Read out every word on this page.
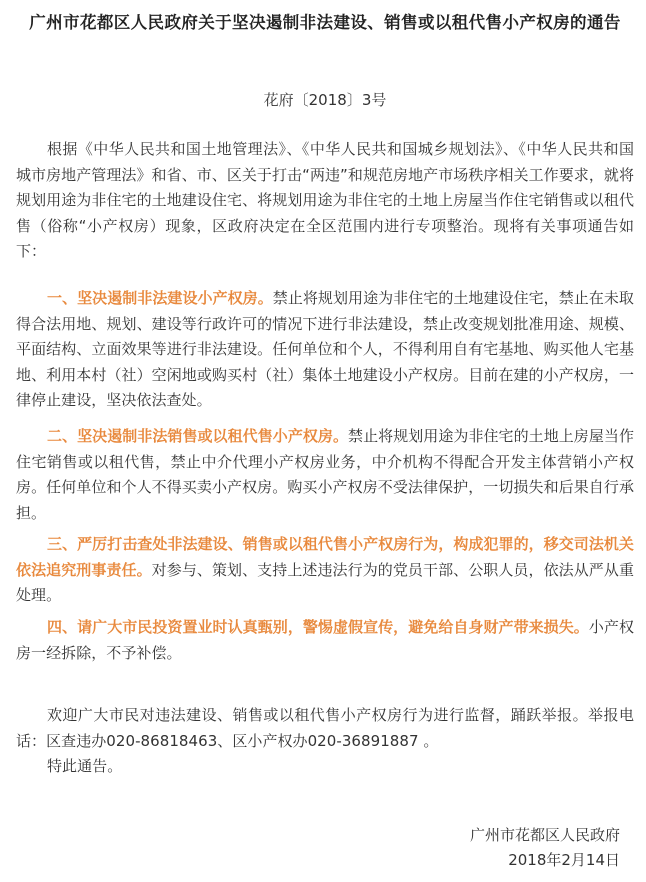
广州市花都区人民政府关于坚决遏制非法建设、销售或以租代售小产权房的通告
花府〔2018〕3号

根据《中华人民共和国土地管理法》、《中华人民共和国城乡规划法》、《中华人民共和国城市房地产管理法》和省、市、区关于打击“两违”和规范房地产市场秩序相关工作要求，就将规划用途为非住宅的土地建设住宅、将规划用途为非住宅的土地上房屋当作住宅销售或以租代售（俗称“小产权房）现象，区政府决定在全区范围内进行专项整治。现将有关事项通告如下：

一、坚决遏制非法建设小产权房。禁止将规划用途为非住宅的土地建设住宅，禁止在未取得合法用地、规划、建设等行政许可的情况下进行非法建设，禁止改变规划批准用途、规模、平面结构、立面效果等进行非法建设。任何单位和个人，不得利用自有宅基地、购买他人宅基地、利用本村（社）空闲地或购买村（社）集体土地建设小产权房。目前在建的小产权房，一律停止建设，坚决依法查处。

二、坚决遏制非法销售或以租代售小产权房。禁止将规划用途为非住宅的土地上房屋当作住宅销售或以租代售，禁止中介代理小产权房业务，中介机构不得配合开发主体营销小产权房。任何单位和个人不得买卖小产权房。购买小产权房不受法律保护，一切损失和后果自行承担。

三、严厉打击查处非法建设、销售或以租代售小产权房行为，构成犯罪的，移交司法机关依法追究刑事责任。对参与、策划、支持上述违法行为的党员干部、公职人员，依法从严从重处理。

四、请广大市民投资置业时认真甄别，警惕虚假宣传，避免给自身财产带来损失。小产权房一经拆除，不予补偿。

欢迎广大市民对违法建设、销售或以租代售小产权房行为进行监督，踊跃举报。举报电话：区查违办020-86818463、区小产权办020-36891887 。

特此通告。

广州市花都区人民政府
2018年2月14日
